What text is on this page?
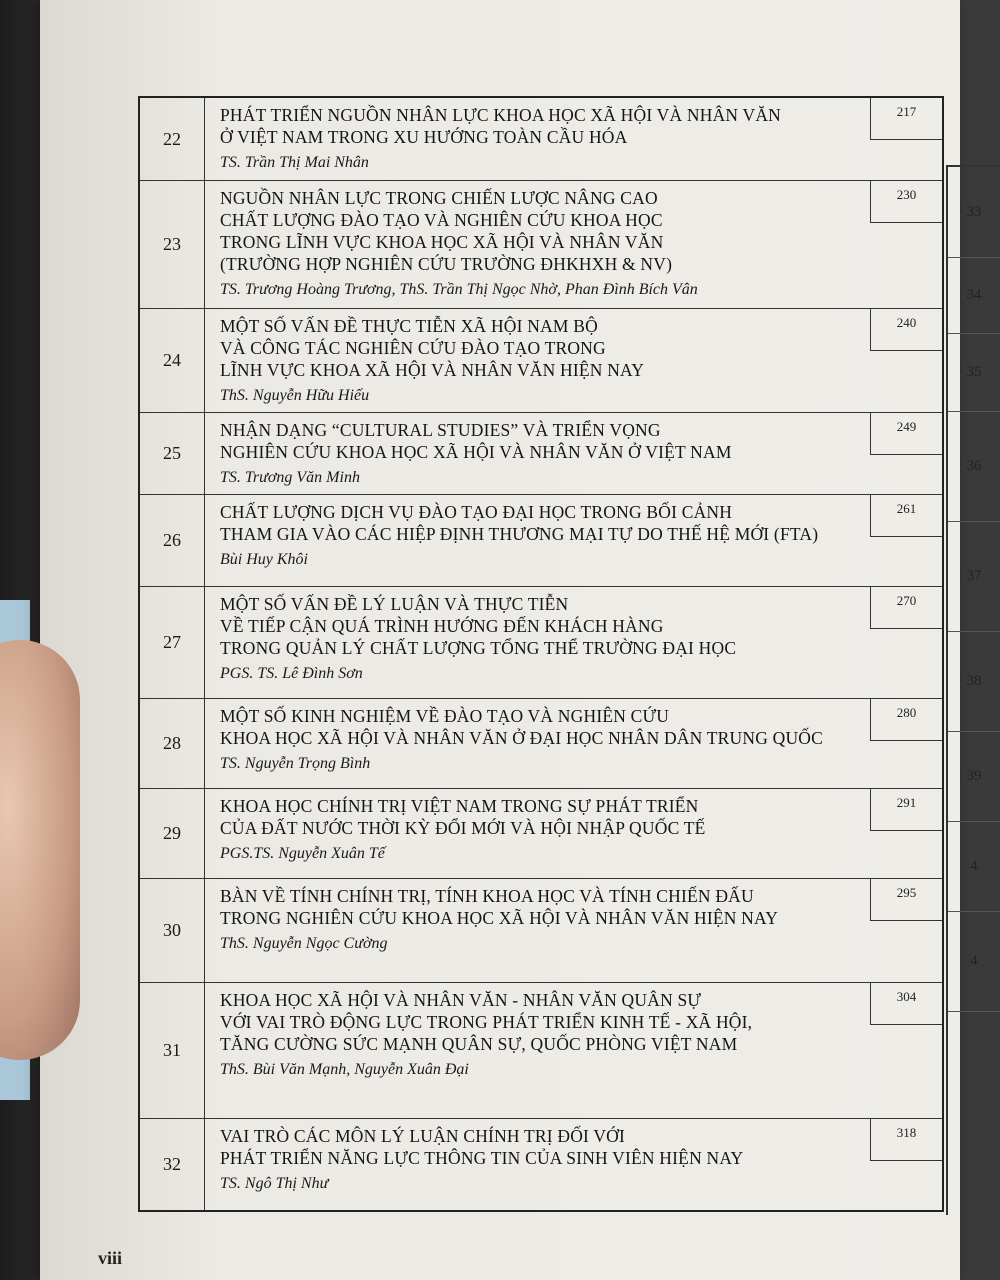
22
PHÁT TRIỂN NGUỒN NHÂN LỰC KHOA HỌC XÃ HỘI VÀ NHÂN VĂN
Ở VIỆT NAM TRONG XU HƯỚNG TOÀN CẦU HÓA
TS. Trần Thị Mai Nhân
217
23
NGUỒN NHÂN LỰC TRONG CHIẾN LƯỢC NÂNG CAO
CHẤT LƯỢNG ĐÀO TẠO VÀ NGHIÊN CỨU KHOA HỌC
TRONG LĨNH VỰC KHOA HỌC XÃ HỘI VÀ NHÂN VĂN
(TRƯỜNG HỢP NGHIÊN CỨU TRƯỜNG ĐHKHXH & NV)
TS. Trương Hoàng Trương, ThS. Trần Thị Ngọc Nhờ, Phan Đình Bích Vân
230
24
MỘT SỐ VẤN ĐỀ THỰC TIỄN XÃ HỘI NAM BỘ
VÀ CÔNG TÁC NGHIÊN CỨU ĐÀO TẠO TRONG
LĨNH VỰC KHOA XÃ HỘI VÀ NHÂN VĂN HIỆN NAY
ThS. Nguyễn Hữu Hiếu
240
25
NHẬN DẠNG “CULTURAL STUDIES” VÀ TRIỂN VỌNG
NGHIÊN CỨU KHOA HỌC XÃ HỘI VÀ NHÂN VĂN Ở VIỆT NAM
TS. Trương Văn Minh
249
26
CHẤT LƯỢNG DỊCH VỤ ĐÀO TẠO ĐẠI HỌC TRONG BỐI CẢNH
THAM GIA VÀO CÁC HIỆP ĐỊNH THƯƠNG MẠI TỰ DO THẾ HỆ MỚI (FTA)
Bùi Huy Khôi
261
27
MỘT SỐ VẤN ĐỀ LÝ LUẬN VÀ THỰC TIỄN
VỀ TIẾP CẬN QUÁ TRÌNH HƯỚNG ĐẾN KHÁCH HÀNG
TRONG QUẢN LÝ CHẤT LƯỢNG TỔNG THỂ TRƯỜNG ĐẠI HỌC
PGS. TS. Lê Đình Sơn
270
28
MỘT SỐ KINH NGHIỆM VỀ ĐÀO TẠO VÀ NGHIÊN CỨU
KHOA HỌC XÃ HỘI VÀ NHÂN VĂN Ở ĐẠI HỌC NHÂN DÂN TRUNG QUỐC
TS. Nguyễn Trọng Bình
280
29
KHOA HỌC CHÍNH TRỊ VIỆT NAM TRONG SỰ PHÁT TRIỂN
CỦA ĐẤT NƯỚC THỜI KỲ ĐỔI MỚI VÀ HỘI NHẬP QUỐC TẾ
PGS.TS. Nguyễn Xuân Tế
291
30
BÀN VỀ TÍNH CHÍNH TRỊ, TÍNH KHOA HỌC VÀ TÍNH CHIẾN ĐẤU
TRONG NGHIÊN CỨU KHOA HỌC XÃ HỘI VÀ NHÂN VĂN HIỆN NAY
ThS. Nguyễn Ngọc Cường
295
31
KHOA HỌC XÃ HỘI VÀ NHÂN VĂN - NHÂN VĂN QUÂN SỰ
VỚI VAI TRÒ ĐỘNG LỰC TRONG PHÁT TRIỂN KINH TẾ - XÃ HỘI,
TĂNG CƯỜNG SỨC MẠNH QUÂN SỰ, QUỐC PHÒNG VIỆT NAM
ThS. Bùi Văn Mạnh, Nguyễn Xuân Đại
304
32
VAI TRÒ CÁC MÔN LÝ LUẬN CHÍNH TRỊ ĐỐI VỚI
PHÁT TRIỂN NĂNG LỰC THÔNG TIN CỦA SINH VIÊN HIỆN NAY
TS. Ngô Thị Như
318
33
34
35
36
37
38
39
4
4
viii
